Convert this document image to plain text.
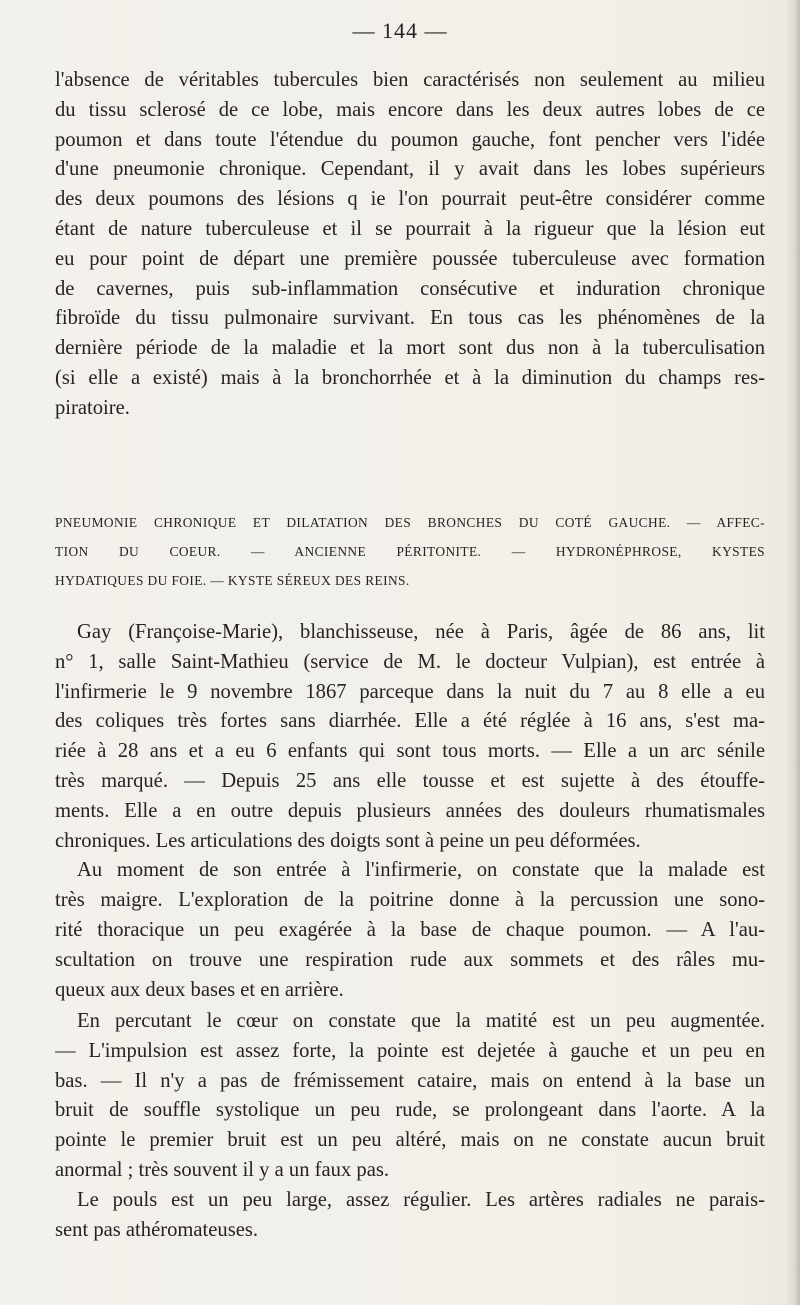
— 144 —
l'absence de véritables tubercules bien caractérisés non seulement au milieu
du tissu sclerosé de ce lobe, mais encore dans les deux autres lobes de ce
poumon et dans toute l'étendue du poumon gauche, font pencher vers l'idée
d'une pneumonie chronique. Cependant, il y avait dans les lobes supérieurs
des deux poumons des lésions q ie l'on pourrait peut-être considérer comme
étant de nature tuberculeuse et il se pourrait à la rigueur que la lésion eut
eu pour point de départ une première poussée tuberculeuse avec formation
de cavernes, puis sub-inflammation consécutive et induration chronique
fibroïde du tissu pulmonaire survivant. En tous cas les phénomènes de la
dernière période de la maladie et la mort sont dus non à la tuberculisation
(si elle a existé) mais à la bronchorrhée et à la diminution du champs res-
piratoire.
PNEUMONIE CHRONIQUE ET DILATATION DES BRONCHES DU COTÉ GAUCHE. — AFFEC-
TION DU COEUR. — ANCIENNE PÉRITONITE. — HYDRONÉPHROSE, KYSTES
HYDATIQUES DU FOIE. — KYSTE SÉREUX DES REINS.
Gay (Françoise-Marie), blanchisseuse, née à Paris, âgée de 86 ans, lit
n° 1, salle Saint-Mathieu (service de M. le docteur Vulpian), est entrée à
l'infirmerie le 9 novembre 1867 parceque dans la nuit du 7 au 8 elle a eu
des coliques très fortes sans diarrhée. Elle a été réglée à 16 ans, s'est ma-
riée à 28 ans et a eu 6 enfants qui sont tous morts. — Elle a un arc sénile
très marqué. — Depuis 25 ans elle tousse et est sujette à des étouffe-
ments. Elle a en outre depuis plusieurs années des douleurs rhumatismales
chroniques. Les articulations des doigts sont à peine un peu déformées.
Au moment de son entrée à l'infirmerie, on constate que la malade est
très maigre. L'exploration de la poitrine donne à la percussion une sono-
rité thoracique un peu exagérée à la base de chaque poumon. — A l'au-
scultation on trouve une respiration rude aux sommets et des râles mu-
queux aux deux bases et en arrière.
En percutant le cœur on constate que la matité est un peu augmentée.
— L'impulsion est assez forte, la pointe est dejetée à gauche et un peu en
bas. — Il n'y a pas de frémissement cataire, mais on entend à la base un
bruit de souffle systolique un peu rude, se prolongeant dans l'aorte. A la
pointe le premier bruit est un peu altéré, mais on ne constate aucun bruit
anormal ; très souvent il y a un faux pas.
Le pouls est un peu large, assez régulier. Les artères radiales ne parais-
sent pas athéromateuses.
